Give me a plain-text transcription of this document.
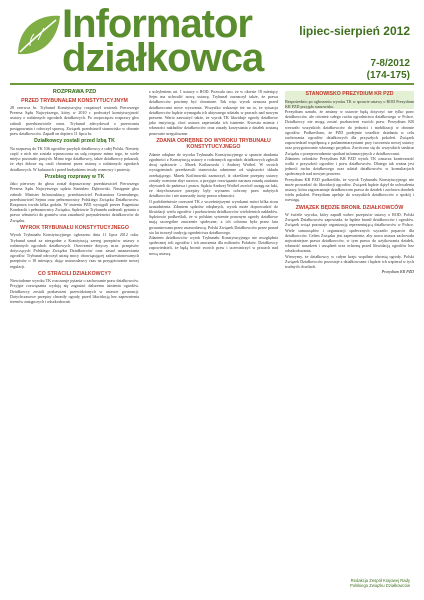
Informator
działkowca
lipiec-sierpień 2012
7-8/2012
(174-175)
ROZPRAWA PZD
PRZED TRYBUNAŁEM KONSTYTUCYJNYM

28 czerwca br. Trybunał Konstytucyjny rozpatrzył wniosek Pierwszego Prezesa Sądu Najwyższego, który w 2010 r. podważył konstytucyjność ustawy o rodzinnych ogrodach działkowych. Po rozpoczęciu rozprawy głos zabrali przedstawiciele stron. Trybunał zdecydował o przerwaniu postępowania i odroczył sprawę. Związek przedstawił stanowisko w obronie praw działkowców. Zapadł on dopiero 11 lipca br.

Działkowcy zostali przed Izbą TK

Na rozprawę do TK 536 ogrodów przybyli działkowcy z całej Polski. Niestety część z nich nie została wpuszczona na salę rozpraw mimo tego, że wiele miejsc pozostało pustych. Mimo tego działkowcy, także działkowcy pokazali, że zbyt dobrze się czuli chronieni przez ustawę o rodzinnych ogrodach działkowych. W kuluarach i przed budynkiem trwały rozmowy i protesty.

Przebieg rozprawy w TK

Jako pierwszy do głosu został dopuszczony przedstawiciel Pierwszego Prezesa Sądu Najwyższego sędzia Stanisław Dąbrowski. Następnie głos zabrali: Minister Infrastruktury, przedstawiciel Prokuratora Generalnego, przedstawiciel Sejmu oraz pełnomocnicy Polskiego Związku Działkowców. Rozprawa trwała kilka godzin. W imieniu PZD wystąpili prezes Eugeniusz Kondracki i pełnomocnicy Związku. Sędziowie Trybunału zadawali pytania o prawo własności do gruntów oraz zasadność przynależności działkowców do Związku.

WYROK TRYBUNAŁU KONSTYTUCYJNEGO

Wyrok Trybunału Konstytucyjnego ogłoszono dnia 11 lipca 2012 roku. Trybunał uznał za niezgodne z Konstytucją szereg przepisów ustawy o rodzinnych ogrodach działkowych. Orzeczenie dotyczy m.in. przepisów dotyczących Polskiego Związku Działkowców oraz zasad ustanawiania ogrodów. Trybunał odroczył utratę mocy obowiązującej zakwestionowanych przepisów o 18 miesięcy, dając ustawodawcy czas na przygotowanie nowej regulacji.

CO STRACILI DZIAŁKOWCY?

Niewiadome wyroku TK rozczaruje pytania o zachowanie praw działkowców. Przyjęte rozwiązania wydają się zagrażać dalszemu istnieniu ogrodów. Działkowcy zostali pozbawieni przewidzianych w ustawie gwarancji. Dotychczasowe przepisy chroniły ogrody przed likwidacją bez zapewnienia terenów zastępczych i odszkodowań.

z uchyleniem art. 1 ustawy o ROD. Pozwala ono, że w okresie 18 miesięcy Sejm ma uchwalić nową ustawę. Trybunał zaznaczył także, że prawa działkowców powinny być chronione. Tak więc wyrok oznacza przed działkowcami nowe wyzwania. Wszystko wskazuje też na to, że sytuacja działkowców będzie wymagała ich aktywnego udziału w pracach nad nowym prawem. Warto zauważyć także, że wyrok TK likwiduje ogrody działkowe jako instytucję, choć ustawa zapewniała ich istnienie. Kwestia mienia i własności nakładów działkowców oraz zasady korzystania z działek zostaną ponownie uregulowane.

ZDANIA ODRĘBNE DO WYROKU TRYBUNAŁU KONSTYTUCYJNEGO

Zdanie odrębne do wyroku Trybunału Konstytucyjnego w sprawie zbadania zgodności z Konstytucją ustawy o rodzinnych ogrodach działkowych zgłosili dwaj sędziowie – Marek Kotlinowski i Andrzej Wróbel. W swoich wystąpieniach przedstawili stanowisko odmienne od większości składu orzekającego. Marek Kotlinowski zaznaczył, iż określone przepisy ustawy zostały ocenione zbyt surowo, a przyjęte rozwiązanie narusza zasadę zaufania obywateli do państwa i prawa. Sędzia Andrzej Wróbel zwrócił uwagę na fakt, że dotychczasowe przepisy były wyrazem ochrony praw nabytych działkowców i nie naruszały istoty prawa własności.

O podobieństwie orzeczeń TK z wcześniejszymi wyrokami mówi kilka stron uzasadnienia. Zdaniem sędziów odrębnych, wyrok może doprowadzić do likwidacji wielu ogrodów i pozbawienia działkowców wieloletnich nakładów. Sędziowie podkreślali, że w polskim systemie prawnym ogrody działkowe mają szczególne znaczenie społeczne, a ich ochrona była przez lata gwarantowana przez ustawodawcę. Polski Związek Działkowców przez ponad sto lat tworzył tradycję ogrodnictwa działkowego.

Zdaniem działkowców wyrok Trybunału Konstytucyjnego nie uwzględnia społecznej roli ogrodów i ich znaczenia dla milionów Polaków. Działkowcy zapowiedzieli, że będą bronić swoich praw i uczestniczyć w pracach nad nową ustawą.

STANOWISKO PREZYDIUM KR PZD

Bezpośrednio po ogłoszeniu wyroku TK w sprawie ustawy o ROD Prezydium KR PZD przyjęło stanowisko.

Prezydium uznało, że zmiany w ustawie będą dotyczyć nie tylko praw działkowców, ale również całego ruchu ogrodnictwa działkowego w Polsce. Działkowcy nie mogą zostać pozbawieni swoich praw. Prezydium KR wezwało wszystkich działkowców do jedności i mobilizacji w obronie ogrodów. Podkreślono, że PZD podejmie wszelkie działania w celu zachowania ogrodów działkowych dla przyszłych pokoleń. Związek zapowiedział współpracę z parlamentarzystami przy tworzeniu nowej ustawy oraz przygotowanie własnego projektu. Zwrócono się do wszystkich struktur Związku o przeprowadzenie spotkań informacyjnych z działkowcami.

Zdaniem członków Prezydium KR PZD wyrok TK oznacza konieczność walki o przyszłość ogrodów i praw działkowców. Dlatego tak ważna jest jedność ruchu działkowego oraz udział działkowców w konsultacjach społecznych nad nowym prawem.

Prezydium KR PZD podkreśliło, że wyrok Trybunału Konstytucyjnego nie może prowadzić do likwidacji ogrodów. Związek będzie dążył do uchwalenia ustawy, która zagwarantuje działkowcom prawa do działek i zachowa dorobek wielu pokoleń. Prezydium apeluje do wszystkich działkowców o spokój i rozwagę.

ZWIĄZEK BĘDZIE BRONIŁ DZIAŁKOWCÓW

W świetle wyroku, który zapadł wobec przepisów ustawy o ROD, Polski Związek Działkowców zapowiada, że będzie bronił działkowców i ogrodów. Związek wciąż pozostaje organizacją reprezentującą działkowców w Polsce. Wiele samorządów i organizacji społecznych wyraziło poparcie dla działkowców. Celem Związku jest zapewnienie, aby nowa ustawa zachowała najważniejsze prawa działkowców, w tym prawo do użytkowania działek, własność nasadzeń i urządzeń oraz ochronę przed likwidacją ogrodów bez odszkodowania.

Wierzymy, że działkowcy w całym kraju wspólnie obronią ogrody. Polski Związek Działkowców pozostaje z działkowcami i będzie ich wspierał w tych trudnych chwilach.

Prezydium KR PZD
Redakcja Zespół Krajowej Rady
Polskiego Związku Działkowców
